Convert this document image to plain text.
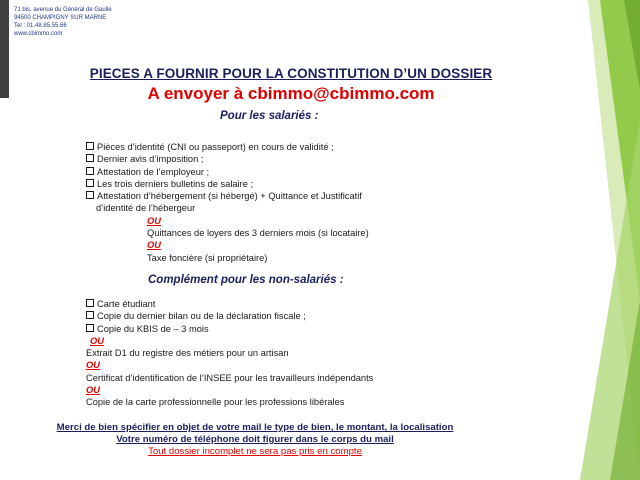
71 bis, avenue du Général de Gaulle
94500 CHAMPIGNY SUR MARNE
Tel : 01.48.85.55.66
www.cbimmo.com
PIECES A FOURNIR POUR LA CONSTITUTION D’UN DOSSIER
A envoyer à cbimmo@cbimmo.com
Pour les salariés :
Pièces d’identité (CNI ou passeport) en cours de validité ;
Dernier avis d’imposition ;
Attestation de l’employeur ;
Les trois derniers bulletins de salaire ;
Attestation d’hébergement (si hébergé) + Quittance et Justificatif
d’identité de l’hébergeur
OU
Quittances de loyers des 3 derniers mois (si locataire)
OU
Taxe foncière (si propriétaire)
Complément pour les non-salariés :
Carte étudiant
Copie du dernier bilan ou de la déclaration fiscale ;
Copie du KBIS de – 3 mois
OU
Extrait D1 du registre des métiers pour un artisan
OU
Certificat d’identification de l’INSEE pour les travailleurs indépendants
OU
Copie de la carte professionnelle pour les professions libérales
Merci de bien spécifier en objet de votre mail le type de bien, le montant, la localisation
Votre numéro de téléphone doit figurer dans le corps du mail
Tout dossier incomplet ne sera pas pris en compte
